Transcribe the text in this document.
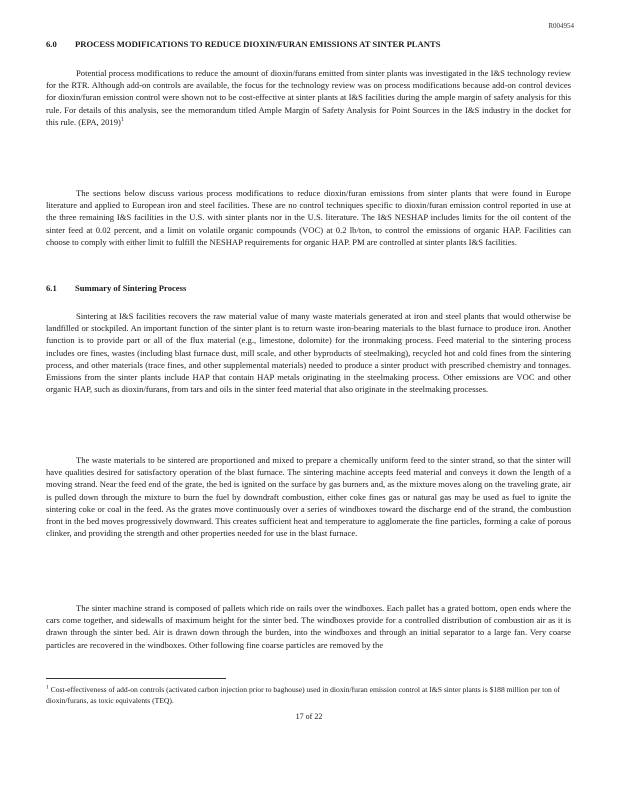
R004954
6.0 PROCESS MODIFICATIONS TO REDUCE DIOXIN/FURAN EMISSIONS AT SINTER PLANTS

Potential process modifications to reduce the amount of dioxin/furans emitted from sinter plants was investigated in the I&S technology review for the RTR. Although add-on controls are available, the focus for the technology review was on process modifications because add-on control devices for dioxin/furan emission control were shown not to be cost-effective at sinter plants at I&S facilities during the ample margin of safety analysis for this rule. For details of this analysis, see the memorandum titled Ample Margin of Safety Analysis for Point Sources in the I&S industry in the docket for this rule. (EPA, 2019)$^1$

The sections below discuss various process modifications to reduce dioxin/furan emissions from sinter plants that were found in Europe literature and applied to European iron and steel facilities. These are no control techniques specific to dioxin/furan emission control reported in use at the three remaining I&S facilities in the U.S. with sinter plants nor in the U.S. literature. The I&S NESHAP includes limits for the oil content of the sinter feed at 0.02 percent, and a limit on volatile organic compounds (VOC) at 0.2 lb/ton, to control the emissions of organic HAP. Facilities can choose to comply with either limit to fulfill the NESHAP requirements for organic HAP. PM are controlled at sinter plants I&S facilities.

6.1 Summary of Sintering Process

Sintering at I&S facilities recovers the raw material value of many waste materials generated at iron and steel plants that would otherwise be landfilled or stockpiled. An important function of the sinter plant is to return waste iron-bearing materials to the blast furnace to produce iron. Another function is to provide part or all of the flux material (e.g., limestone, dolomite) for the ironmaking process. Feed material to the sintering process includes ore fines, wastes (including blast furnace dust, mill scale, and other byproducts of steelmaking), recycled hot and cold fines from the sintering process, and other materials (trace fines, and other supplemental materials) needed to produce a sinter product with prescribed chemistry and tonnages. Emissions from the sinter plants include HAP that contain HAP metals originating in the steelmaking process. Other emissions are VOC and other organic HAP, such as dioxin/furans, from tars and oils in the sinter feed material that also originate in the steelmaking processes.

The waste materials to be sintered are proportioned and mixed to prepare a chemically uniform feed to the sinter strand, so that the sinter will have qualities desired for satisfactory operation of the blast furnace. The sintering machine accepts feed material and conveys it down the length of a moving strand. Near the feed end of the grate, the bed is ignited on the surface by gas burners and, as the mixture moves along on the traveling grate, air is pulled down through the mixture to burn the fuel by downdraft combustion, either coke fines gas or natural gas may be used as fuel to ignite the sintering coke or coal in the feed. As the grates move continuously over a series of windboxes toward the discharge end of the strand, the combustion front in the bed moves progressively downward. This creates sufficient heat and temperature to agglomerate the fine particles, forming a cake of porous clinker, and providing the strength and other properties needed for use in the blast furnace.

The sinter machine strand is composed of pallets which ride on rails over the windboxes. Each pallet has a grated bottom, open ends where the cars come together, and sidewalls of maximum height for the sinter bed. The windboxes provide for a controlled distribution of combustion air as it is drawn through the sinter bed. Air is drawn down through the burden, into the windboxes and through an initial separator to a large fan. Very coarse particles are recovered in the windboxes. Other following fine coarse particles are removed by the

$^1$ Cost-effectiveness of add-on controls (activated carbon injection prior to baghouse) used in dioxin/furan emission control at I&S sinter plants is $188 million per ton of dioxin/furans, as toxic equivalents (TEQ).

17 of 22
